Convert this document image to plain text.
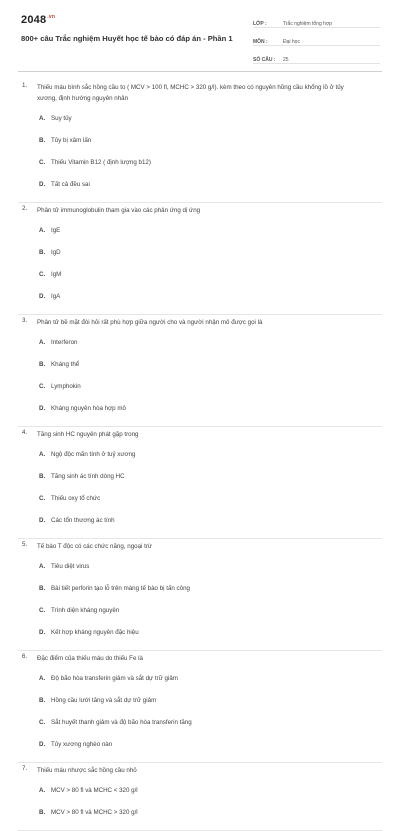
$2048^{.vn}$
800+ câu Trắc nghiệm Huyết học tế bào có đáp án - Phần 1
LỚP :	Trắc nghiệm tổng hợp
MÔN :	Đại học
SỐ CÂU :	25
1.	Thiếu máu bình sắc hồng cầu to ( MCV > 100 fl, MCHC > 320 g/l). kèm theo có nguyên hồng cầu khổng lồ ở tủy xương, định hướng nguyên nhân
A. Suy tủy
B. Tủy bị xâm lấn
C. Thiếu Vitamin B12 ( định lượng b12)
D. Tất cả đều sai
2.	Phân tử immunoglobulin tham gia vào các phản ứng dị ứng
A. IgE
B. IgD
C. IgM
D. IgA
3.	Phân tử bề mặt đòi hỏi rất phù hợp giữa người cho và người nhận mô được gọi là
A. Interferon
B. Kháng thể
C. Lymphokin
D. Kháng nguyên hòa hợp mô
4.	Tăng sinh HC nguyên phát gặp trong
A. Ngộ độc mãn tính ở tuỷ xương
B. Tăng sinh ác tính dòng HC
C. Thiếu oxy tổ chức
D. Các tổn thương ác tính
5.	Tế bào T độc có các chức năng, ngoại trừ
A. Tiêu diệt virus
B. Bài tiết perforin tạo lỗ trên màng tế bào bị tấn công
C. Trình diện kháng nguyên
D. Kết hợp kháng nguyên đặc hiệu
6.	Đặc điểm của thiếu máu do thiếu Fe là
A. Độ bão hòa transferin giảm và sắt dự trữ giảm
B. Hồng cầu lưới tăng và sắt dự trữ giảm
C. Sắt huyết thanh giảm và độ bão hòa transferin tăng
D. Tủy xương nghèo nàn
7.	Thiếu máu nhược sắc hồng cầu nhỏ
A. MCV > 80 fl và MCHC < 320 g/l
B. MCV > 80 fl và MCHC > 320 g/l
